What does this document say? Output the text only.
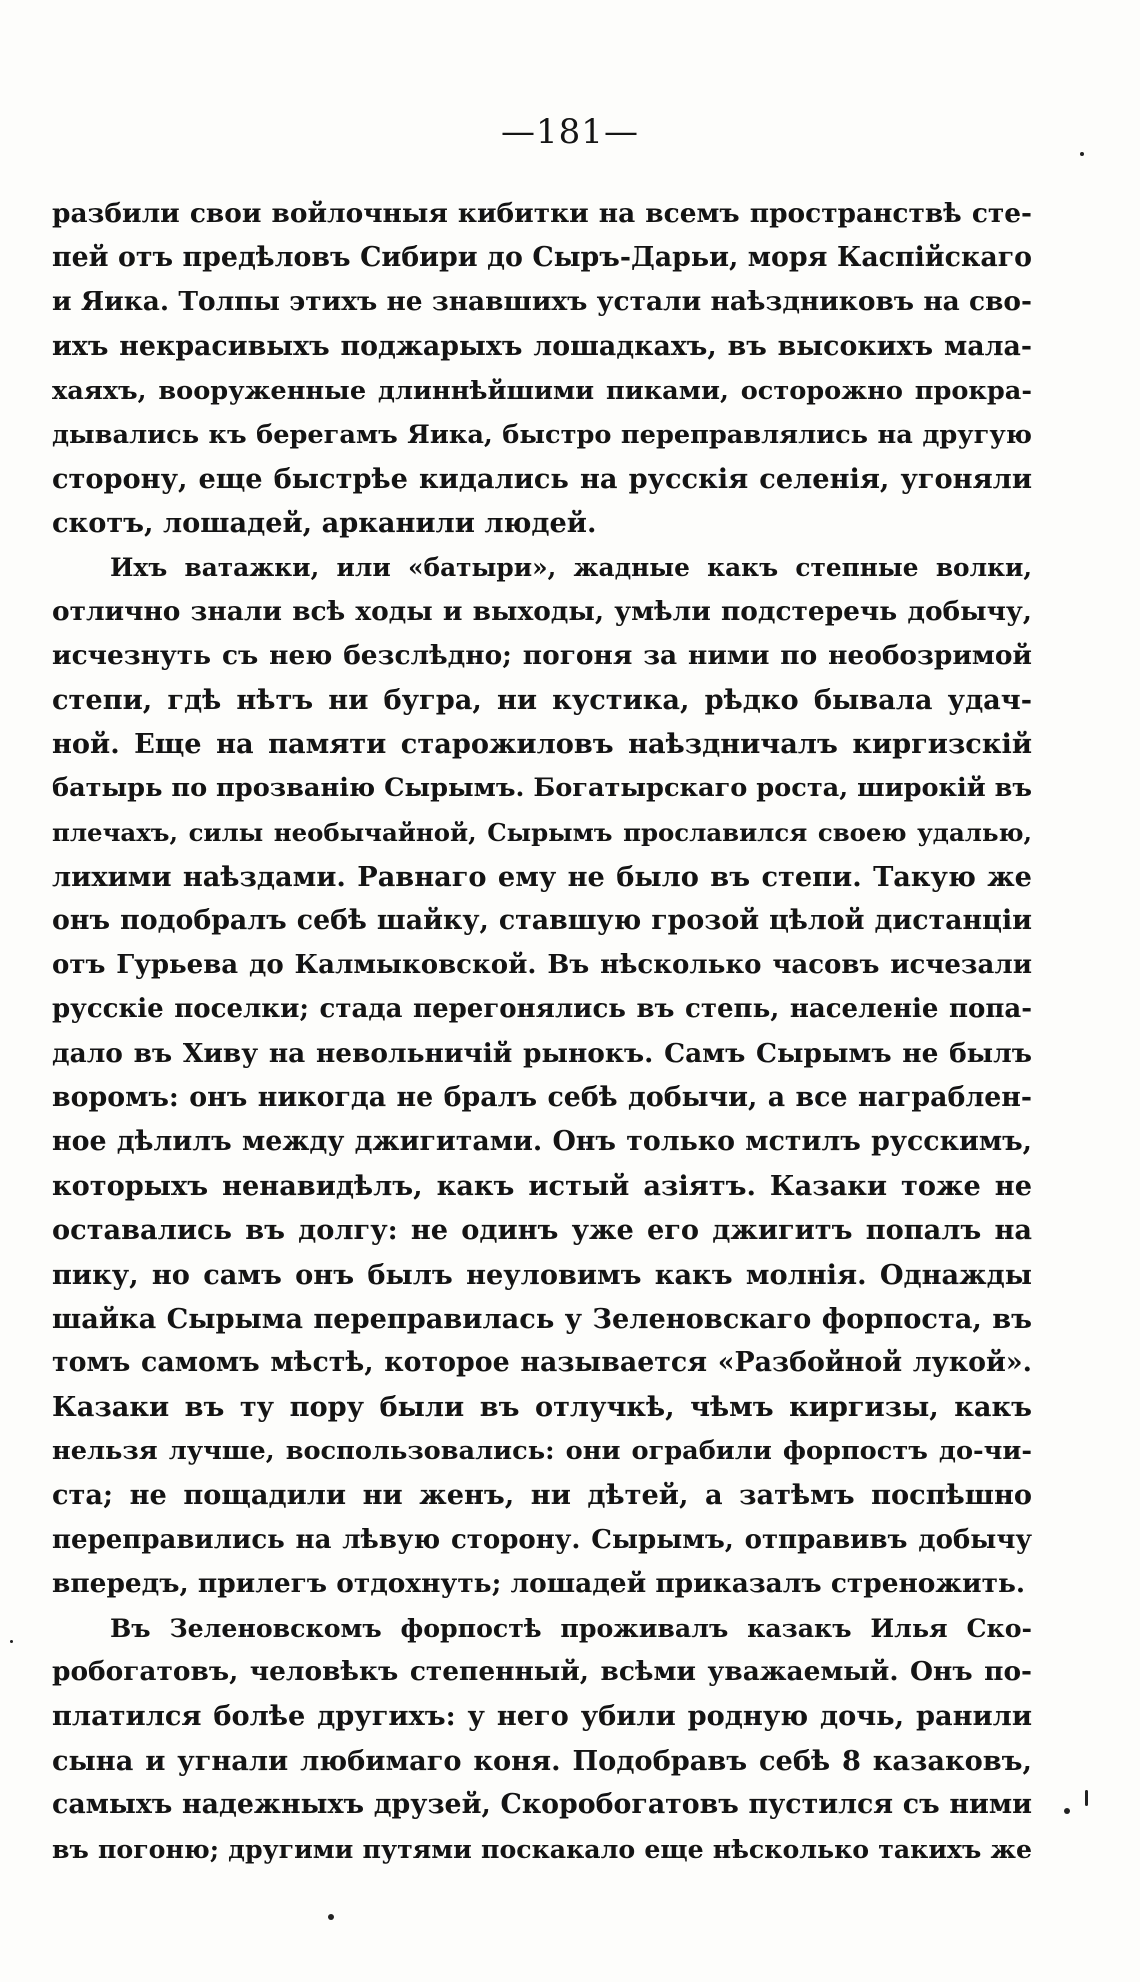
—181—
разбили свои войлочныя кибитки на всемъ пространствѣ сте-
пей отъ предѣловъ Сибири до Сыръ-Дарьи, моря Каспійскаго
и Яика. Толпы этихъ не знавшихъ устали наѣздниковъ на сво-
ихъ некрасивыхъ поджарыхъ лошадкахъ, въ высокихъ мала-
хаяхъ, вооруженные длиннѣйшими пиками, осторожно прокра-
дывались къ берегамъ Яика, быстро переправлялись на другую
сторону, еще быстрѣе кидались на русскія селенія, угоняли
скотъ, лошадей, арканили людей.
Ихъ ватажки, или «батыри», жадные какъ степные волки,
отлично знали всѣ ходы и выходы, умѣли подстеречь добычу,
исчезнуть съ нею безслѣдно; погоня за ними по необозримой
степи, гдѣ нѣтъ ни бугра, ни кустика, рѣдко бывала удач-
ной. Еще на памяти старожиловъ наѣздничалъ киргизскій
батырь по прозванію Сырымъ. Богатырскаго роста, широкій въ
плечахъ, силы необычайной, Сырымъ прославился своею удалью,
лихими наѣздами. Равнаго ему не было въ степи. Такую же
онъ подобралъ себѣ шайку, ставшую грозой цѣлой дистанціи
отъ Гурьева до Калмыковской. Въ нѣсколько часовъ исчезали
русскіе поселки; стада перегонялись въ степь, населеніе попа-
дало въ Хиву на невольничій рынокъ. Самъ Сырымъ не былъ
воромъ: онъ никогда не бралъ себѣ добычи, а все награблен-
ное дѣлилъ между джигитами. Онъ только мстилъ русскимъ,
которыхъ ненавидѣлъ, какъ истый азіятъ. Казаки тоже не
оставались въ долгу: не одинъ уже его джигитъ попалъ на
пику, но самъ онъ былъ неуловимъ какъ молнія. Однажды
шайка Сырыма переправилась у Зеленовскаго форпоста, въ
томъ самомъ мѣстѣ, которое называется «Разбойной лукой».
Казаки въ ту пору были въ отлучкѣ, чѣмъ киргизы, какъ
нельзя лучше, воспользовались: они ограбили форпостъ до-чи-
ста; не пощадили ни женъ, ни дѣтей, а затѣмъ поспѣшно
переправились на лѣвую сторону. Сырымъ, отправивъ добычу
впередъ, прилегъ отдохнуть; лошадей приказалъ стреножить.
Въ Зеленовскомъ форпостѣ проживалъ казакъ Илья Ско-
робогатовъ, человѣкъ степенный, всѣми уважаемый. Онъ по-
платился болѣе другихъ: у него убили родную дочь, ранили
сына и угнали любимаго коня. Подобравъ себѣ 8 казаковъ,
самыхъ надежныхъ друзей, Скоробогатовъ пустился съ ними
въ погоню; другими путями поскакало еще нѣсколько такихъ же
